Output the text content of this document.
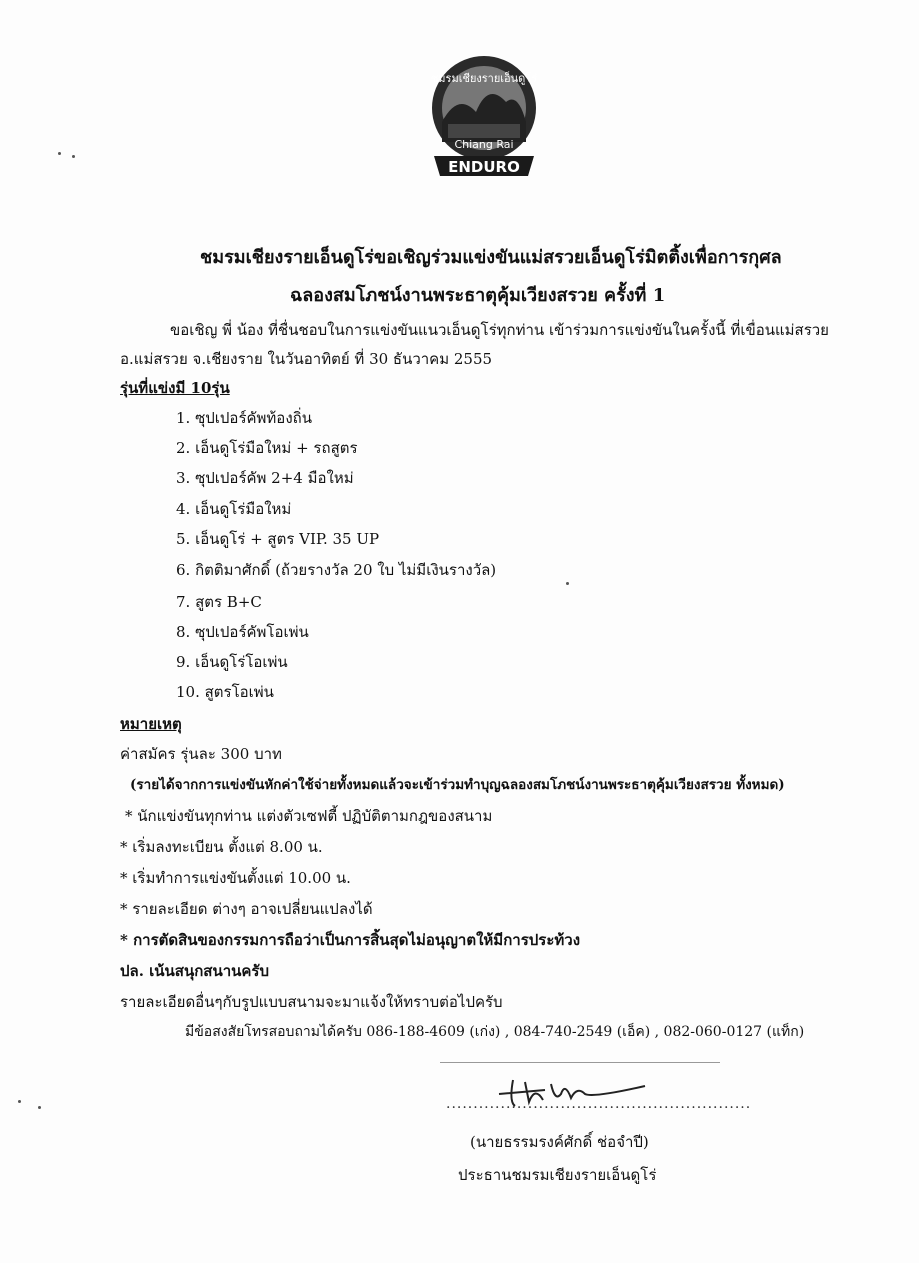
ชมรมเชียงรายเอ็นดูโร่
Chiang Rai
ENDURO
ชมรมเชียงรายเอ็นดูโร่ขอเชิญร่วมแข่งขันแม่สรวยเอ็นดูโร่มิตติ้งเพื่อการกุศล
ฉลองสมโภชน์งานพระธาตุคุ้มเวียงสรวย ครั้งที่ 1
ขอเชิญ พี่ น้อง ที่ชื่นชอบในการแข่งขันแนวเอ็นดูโร่ทุกท่าน เข้าร่วมการแข่งขันในครั้งนี้ ที่เขื่อนแม่สรวย
อ.แม่สรวย จ.เชียงราย ในวันอาทิตย์ ที่ 30 ธันวาคม 2555
รุ่นที่แข่งมี 10รุ่น
1. ซุปเปอร์คัพท้องถิ่น
2. เอ็นดูโร่มือใหม่ + รถสูตร
3. ซุปเปอร์คัพ 2+4 มือใหม่
4. เอ็นดูโร่มือใหม่
5. เอ็นดูโร่ + สูตร VIP. 35 UP
6. กิตติมาศักดิ์ (ถ้วยรางวัล 20 ใบ ไม่มีเงินรางวัล)
7. สูตร B+C
8. ซุปเปอร์คัพโอเพ่น
9. เอ็นดูโร่โอเพ่น
10. สูตรโอเพ่น
หมายเหตุ
ค่าสมัคร รุ่นละ 300 บาท
(รายได้จากการแข่งขันหักค่าใช้จ่ายทั้งหมดแล้วจะเข้าร่วมทำบุญฉลองสมโภชน์งานพระธาตุคุ้มเวียงสรวย ทั้งหมด)
* นักแข่งขันทุกท่าน แต่งตัวเซฟตี้ ปฏิบัติตามกฎของสนาม
* เริ่มลงทะเบียน ตั้งแต่ 8.00 น.
* เริ่มทำการแข่งขันตั้งแต่ 10.00 น.
* รายละเอียด ต่างๆ อาจเปลี่ยนแปลงได้
* การตัดสินของกรรมการถือว่าเป็นการสิ้นสุดไม่อนุญาตให้มีการประท้วง
ปล. เน้นสนุกสนานครับ
รายละเอียดอื่นๆกับรูปแบบสนามจะมาแจ้งให้ทราบต่อไปครับ
มีข้อสงสัยโทรสอบถามได้ครับ 086-188-4609 (เก่ง) , 084-740-2549 (เอ็ค) , 082-060-0127 (แท็ก)
........................................................
(นายธรรมรงค์ศักดิ์ ช่อจำปี)
ประธานชมรมเชียงรายเอ็นดูโร่
